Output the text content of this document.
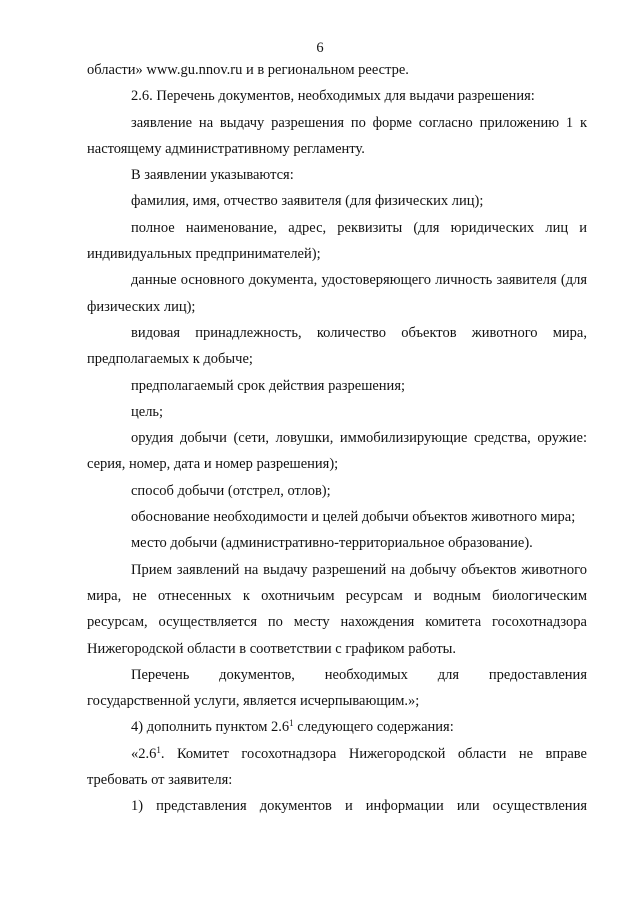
6

области» www.gu.nnov.ru и в региональном реестре.

2.6. Перечень документов, необходимых для выдачи разрешения:

заявление на выдачу разрешения по форме согласно приложению 1 к настоящему административному регламенту.

В заявлении указываются:

фамилия, имя, отчество заявителя (для физических лиц);

полное наименование, адрес, реквизиты (для юридических лиц и индивидуальных предпринимателей);

данные основного документа, удостоверяющего личность заявителя (для физических лиц);

видовая принадлежность, количество объектов животного мира, предполагаемых к добыче;

предполагаемый срок действия разрешения;

цель;

орудия добычи (сети, ловушки, иммобилизирующие средства, оружие: серия, номер, дата и номер разрешения);

способ добычи (отстрел, отлов);

обоснование необходимости и целей добычи объектов животного мира;

место добычи (административно-территориальное образование).

Прием заявлений на выдачу разрешений на добычу объектов животного мира, не отнесенных к охотничьим ресурсам и водным биологическим ресурсам, осуществляется по месту нахождения комитета госохотнадзора Нижегородской области в соответствии с графиком работы.

Перечень документов, необходимых для предоставления государственной услуги, является исчерпывающим.»;

4) дополнить пунктом $2.6^1$ следующего содержания:

«$2.6^1$. Комитет госохотнадзора Нижегородской области не вправе требовать от заявителя:

1) представления документов и информации или осуществления
